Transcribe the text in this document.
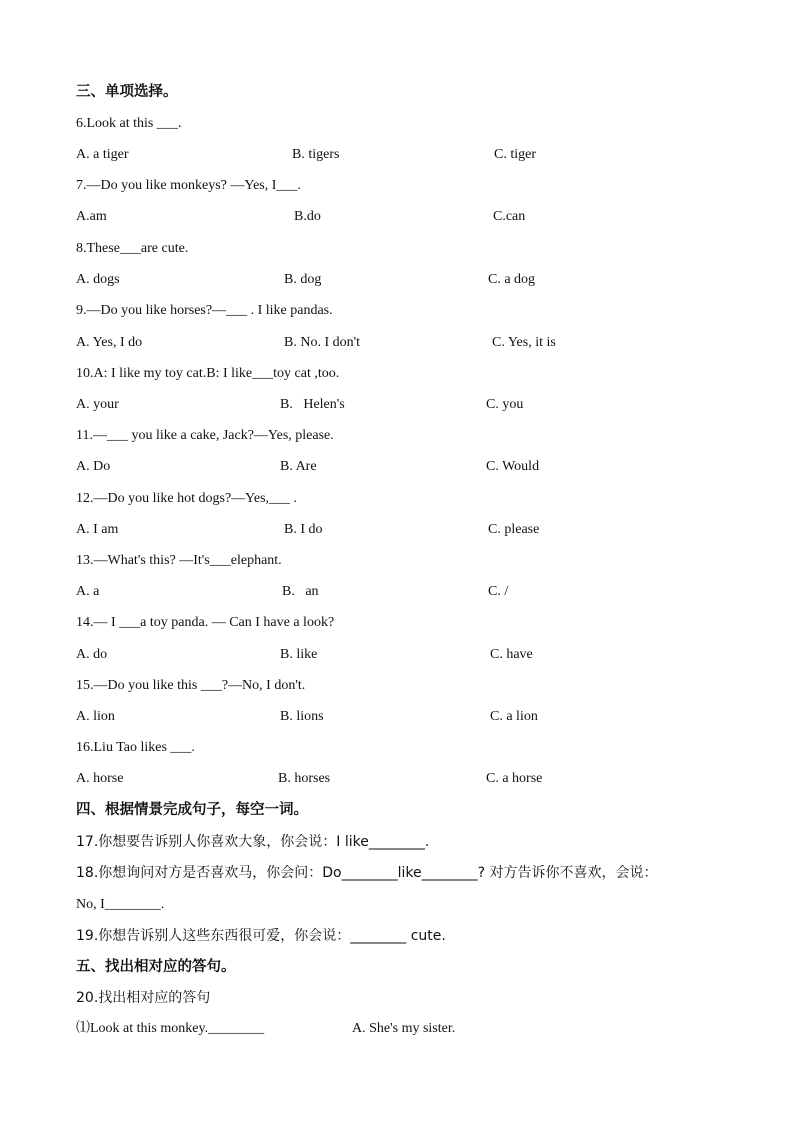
三、单项选择。
6.Look at this ___.
A. a tiger	B. tigers	C. tiger
7.—Do you like monkeys? —Yes, I___.
A.am	B.do	C.can
8.These___are cute.
A. dogs	B. dog	C. a dog
9.—Do you like horses?—___ . I like pandas.
A. Yes, I do	B. No. I don't	C. Yes, it is
10.A: I like my toy cat.B: I like___toy cat ,too.
A. your	B.   Helen's	C. you
11.—___ you like a cake, Jack?—Yes, please.
A. Do	B. Are	C. Would
12.—Do you like hot dogs?—Yes,___ .
A. I am	B. I do	C. please
13.—What's this? —It's___elephant.
A. a	B.   an	C. /
14.— I ___a toy panda. — Can I have a look?
A. do	B. like	C. have
15.—Do you like this ___?—No, I don't.
A. lion	B. lions	C. a lion
16.Liu Tao likes ___.
A. horse	B. horses	C. a horse
四、根据情景完成句子，每空一词。
17.你想要告诉别人你喜欢大象，你会说：I like________.
18.你想询问对方是否喜欢马，你会问：Do________like________? 对方告诉你不喜欢，会说：
No, I________.
19.你想告诉别人这些东西很可爱，你会说：________ cute.
五、找出相对应的答句。
20.找出相对应的答句
⑴Look at this monkey.________	A. She's my sister.
